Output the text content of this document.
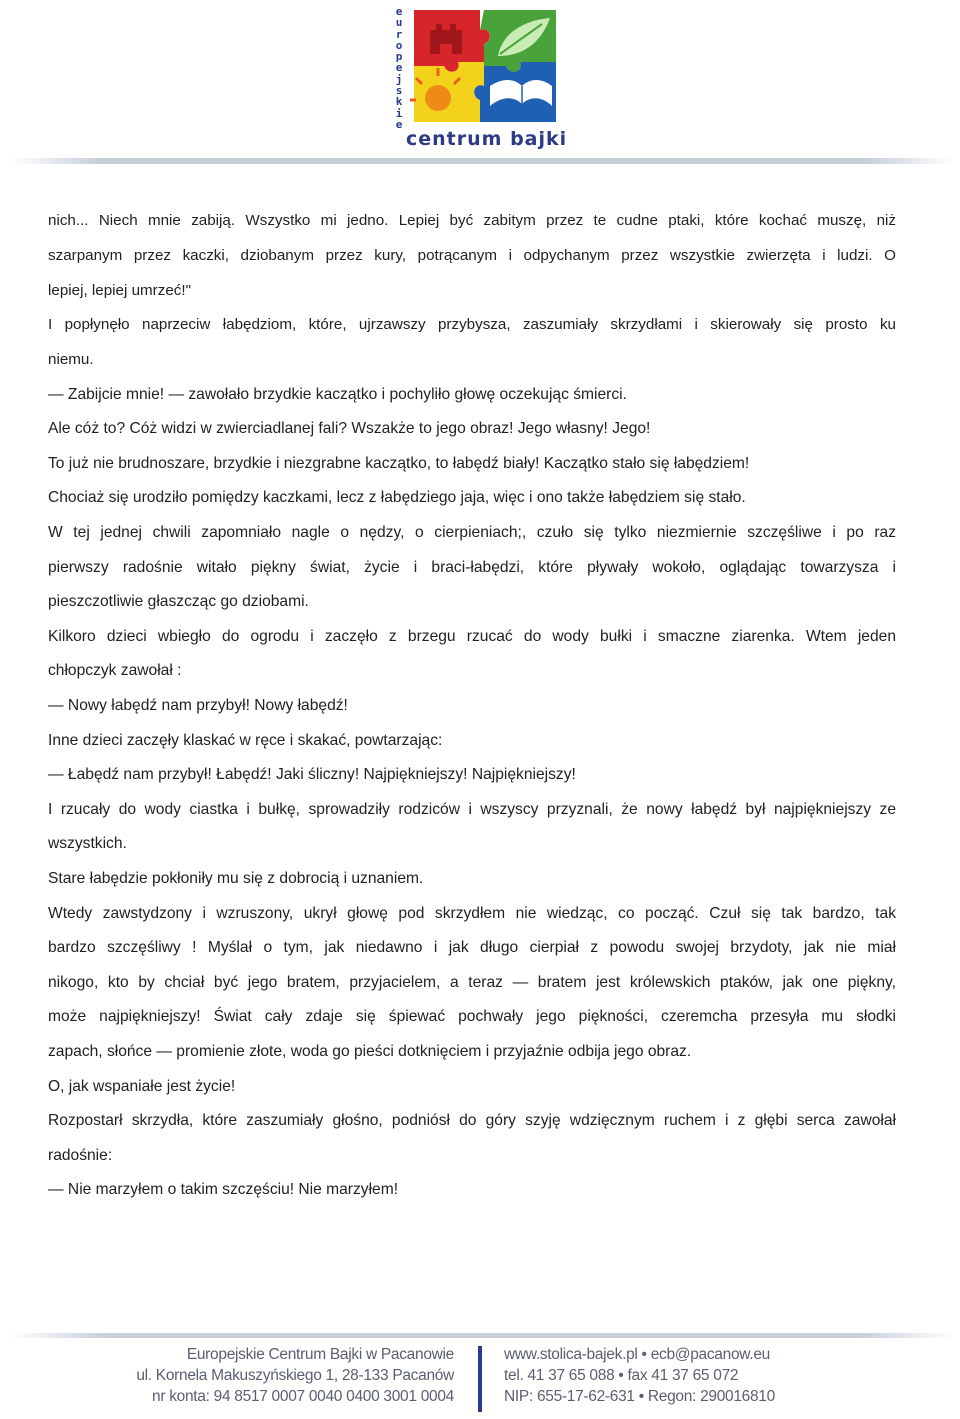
e
u
r
o
p
e
j
s
k
i
e
centrum bajki
nich... Niech mnie zabiją. Wszystko mi jedno. Lepiej być zabitym przez te cudne ptaki, które kochać muszę, niż
szarpanym przez kaczki, dziobanym przez kury, potrącanym i odpychanym przez wszystkie zwierzęta i ludzi. O
lepiej, lepiej umrzeć!"
I popłynęło naprzeciw łabędziom, które, ujrzawszy przybysza, zaszumiały skrzydłami i skierowały się prosto ku
niemu.
— Zabijcie mnie! — zawołało brzydkie kaczątko i pochyliło głowę oczekując śmierci.
Ale cóż to? Cóż widzi w zwierciadlanej fali? Wszakże to jego obraz! Jego własny! Jego!
To już nie brudnoszare, brzydkie i niezgrabne kaczątko, to łabędź biały! Kaczątko stało się łabędziem!
Chociaż się urodziło pomiędzy kaczkami, lecz z łabędziego jaja, więc i ono także łabędziem się stało.
W tej jednej chwili zapomniało nagle o nędzy, o cierpieniach;, czuło się tylko niezmiernie szczęśliwe i po raz
pierwszy radośnie witało piękny świat, życie i braci-łabędzi, które pływały wokoło, oglądając towarzysza i
pieszczotliwie głaszcząc go dziobami.
Kilkoro dzieci wbiegło do ogrodu i zaczęło z brzegu rzucać do wody bułki i smaczne ziarenka. Wtem jeden
chłopczyk zawołał :
— Nowy łabędź nam przybył! Nowy łabędź!
Inne dzieci zaczęły klaskać w ręce i skakać, powtarzając:
— Łabędź nam przybył! Łabędź! Jaki śliczny! Najpiękniejszy! Najpiękniejszy!
I rzucały do wody ciastka i bułkę, sprowadziły rodziców i wszyscy przyznali, że nowy łabędź był najpiękniejszy ze
wszystkich.
Stare łabędzie pokłoniły mu się z dobrocią i uznaniem.
Wtedy zawstydzony i wzruszony, ukrył głowę pod skrzydłem nie wiedząc, co począć. Czuł się tak bardzo, tak
bardzo szczęśliwy ! Myślał o tym, jak niedawno i jak długo cierpiał z powodu swojej brzydoty, jak nie miał
nikogo, kto by chciał być jego bratem, przyjacielem, a teraz — bratem jest królewskich ptaków, jak one piękny,
może najpiękniejszy! Świat cały zdaje się śpiewać pochwały jego piękności, czeremcha przesyła mu słodki
zapach, słońce — promienie złote, woda go pieści dotknięciem i przyjaźnie odbija jego obraz.
O, jak wspaniałe jest życie!
Rozpostarł skrzydła, które zaszumiały głośno, podniósł do góry szyję wdzięcznym ruchem i z głębi serca zawołał
radośnie:
— Nie marzyłem o takim szczęściu! Nie marzyłem!
Europejskie Centrum Bajki w Pacanowie
ul. Kornela Makuszyńskiego 1, 28-133 Pacanów
nr konta: 94 8517 0007 0040 0400 3001 0004
www.stolica-bajek.pl • ecb@pacanow.eu
tel. 41 37 65 088 • fax 41 37 65 072
NIP: 655-17-62-631 • Regon: 290016810
